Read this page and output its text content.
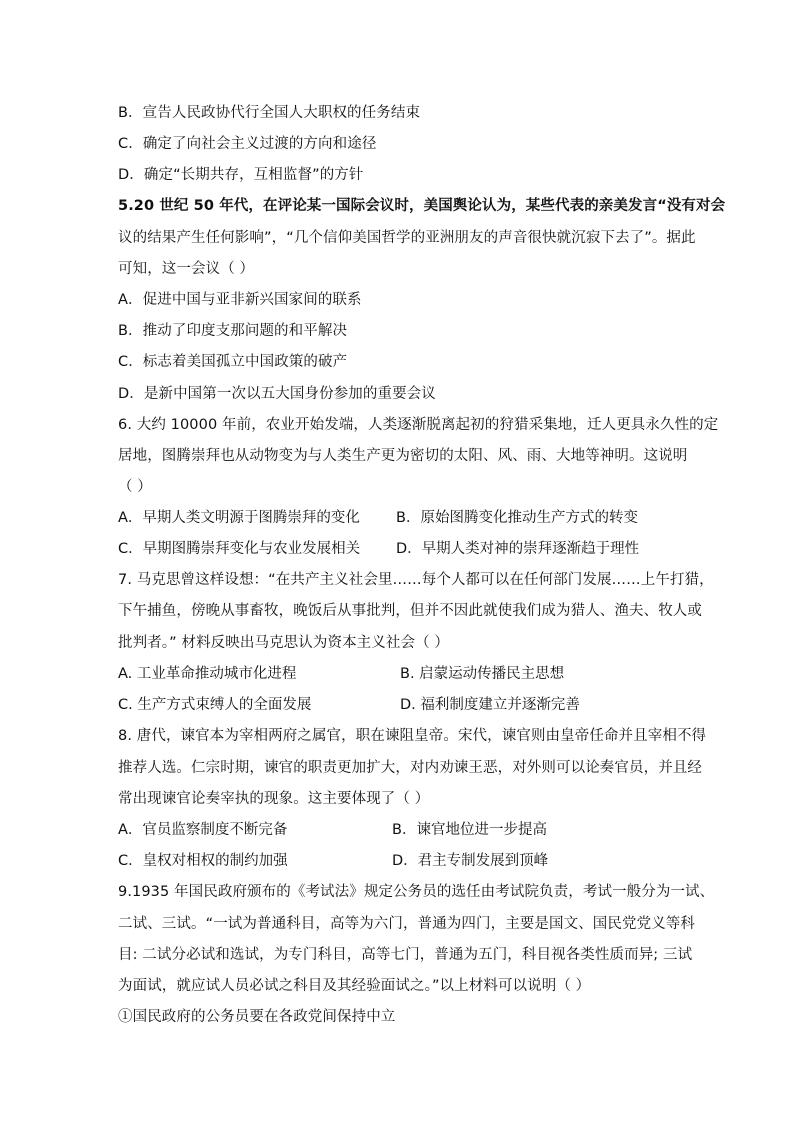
B．宣告人民政协代行全国人大职权的任务结束
C．确定了向社会主义过渡的方向和途径
D．确定“长期共存，互相监督”的方针
5.20 世纪 50 年代，在评论某一国际会议时，美国舆论认为，某些代表的亲美发言“没有对会
议的结果产生任何影响”，“几个信仰美国哲学的亚洲朋友的声音很快就沉寂下去了”。据此
可知，这一会议（ ）
A．促进中国与亚非新兴国家间的联系
B．推动了印度支那问题的和平解决
C．标志着美国孤立中国政策的破产
D．是新中国第一次以五大国身份参加的重要会议
6. 大约 10000 年前，农业开始发端，人类逐渐脱离起初的狩猎采集地，迁人更具永久性的定
居地，图腾崇拜也从动物变为与人类生产更为密切的太阳、风、雨、大地等神明。这说明
（ ）
A．早期人类文明源于图腾崇拜的变化 B．原始图腾变化推动生产方式的转变
C．早期图腾崇拜变化与农业发展相关 D．早期人类对神的崇拜逐渐趋于理性
7. 马克思曾这样设想：“在共产主义社会里……每个人都可以在任何部门发展……上午打猎，
下午捕鱼，傍晚从事畜牧，晚饭后从事批判，但并不因此就使我们成为猎人、渔夫、牧人或
批判者。” 材料反映出马克思认为资本主义社会（ ）
A. 工业革命推动城市化进程	B. 启蒙运动传播民主思想
C. 生产方式束缚人的全面发展	D. 福利制度建立并逐渐完善
8. 唐代，谏官本为宰相两府之属官，职在谏阻皇帝。宋代，谏官则由皇帝任命并且宰相不得
推荐人选。仁宗时期，谏官的职责更加扩大，对内劝谏王恶，对外则可以论奏官员，并且经
常出现谏官论奏宰执的现象。这主要体现了（ ）
A．官员监察制度不断完备	B．谏官地位进一步提高
C．皇权对相权的制约加强	D．君主专制发展到顶峰
9.1935 年国民政府颁布的《考试法》规定公务员的选任由考试院负责，考试一般分为一试、
二试、三试。“一试为普通科目，高等为六门，普通为四门，主要是国文、国民党党义等科
目: 二试分必试和选试，为专门科目，高等七门，普通为五门，科目视各类性质而异; 三试
为面试，就应试人员必试之科目及其经验面试之。”以上材料可以说明（ ）
①国民政府的公务员要在各政党间保持中立
